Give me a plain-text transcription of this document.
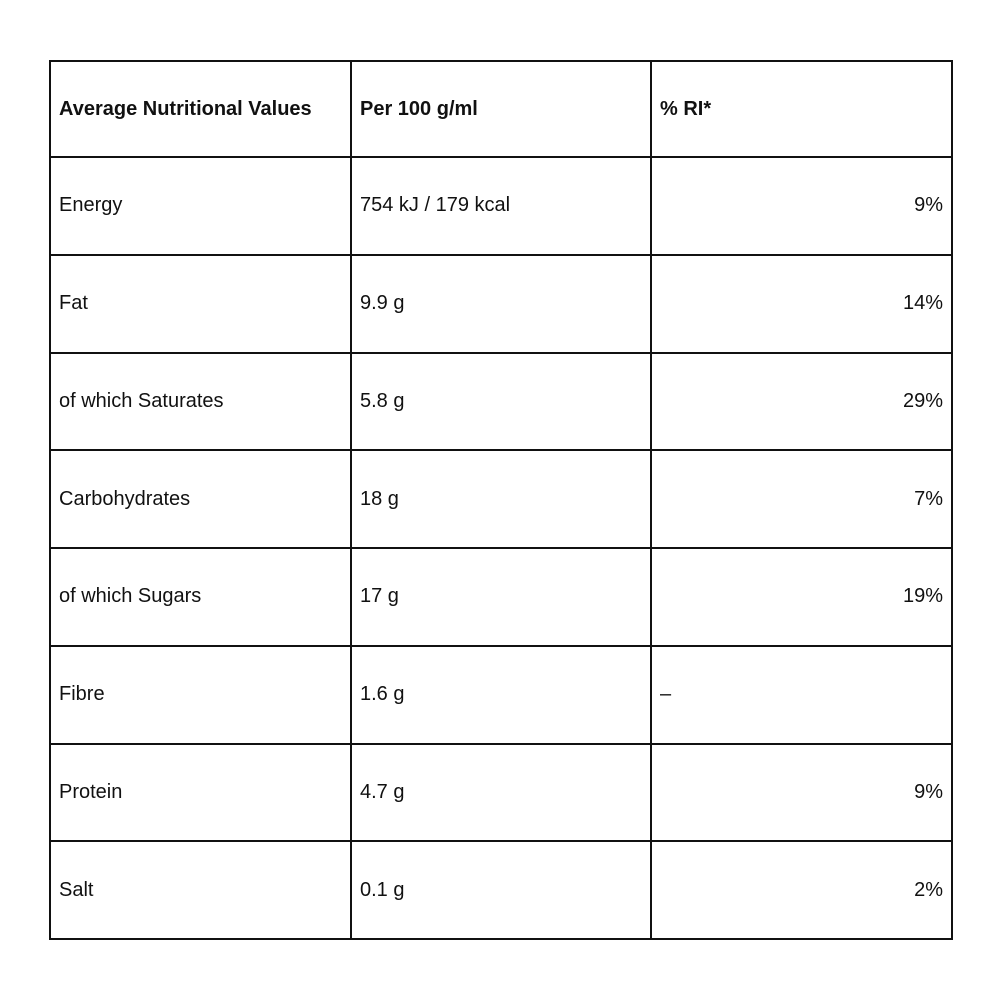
Average Nutritional Values	Per 100 g/ml	% RI*
Energy	754 kJ / 179 kcal	9%
Fat	9.9 g	14%
of which Saturates	5.8 g	29%
Carbohydrates	18 g	7%
of which Sugars	17 g	19%
Fibre	1.6 g	–
Protein	4.7 g	9%
Salt	0.1 g	2%
